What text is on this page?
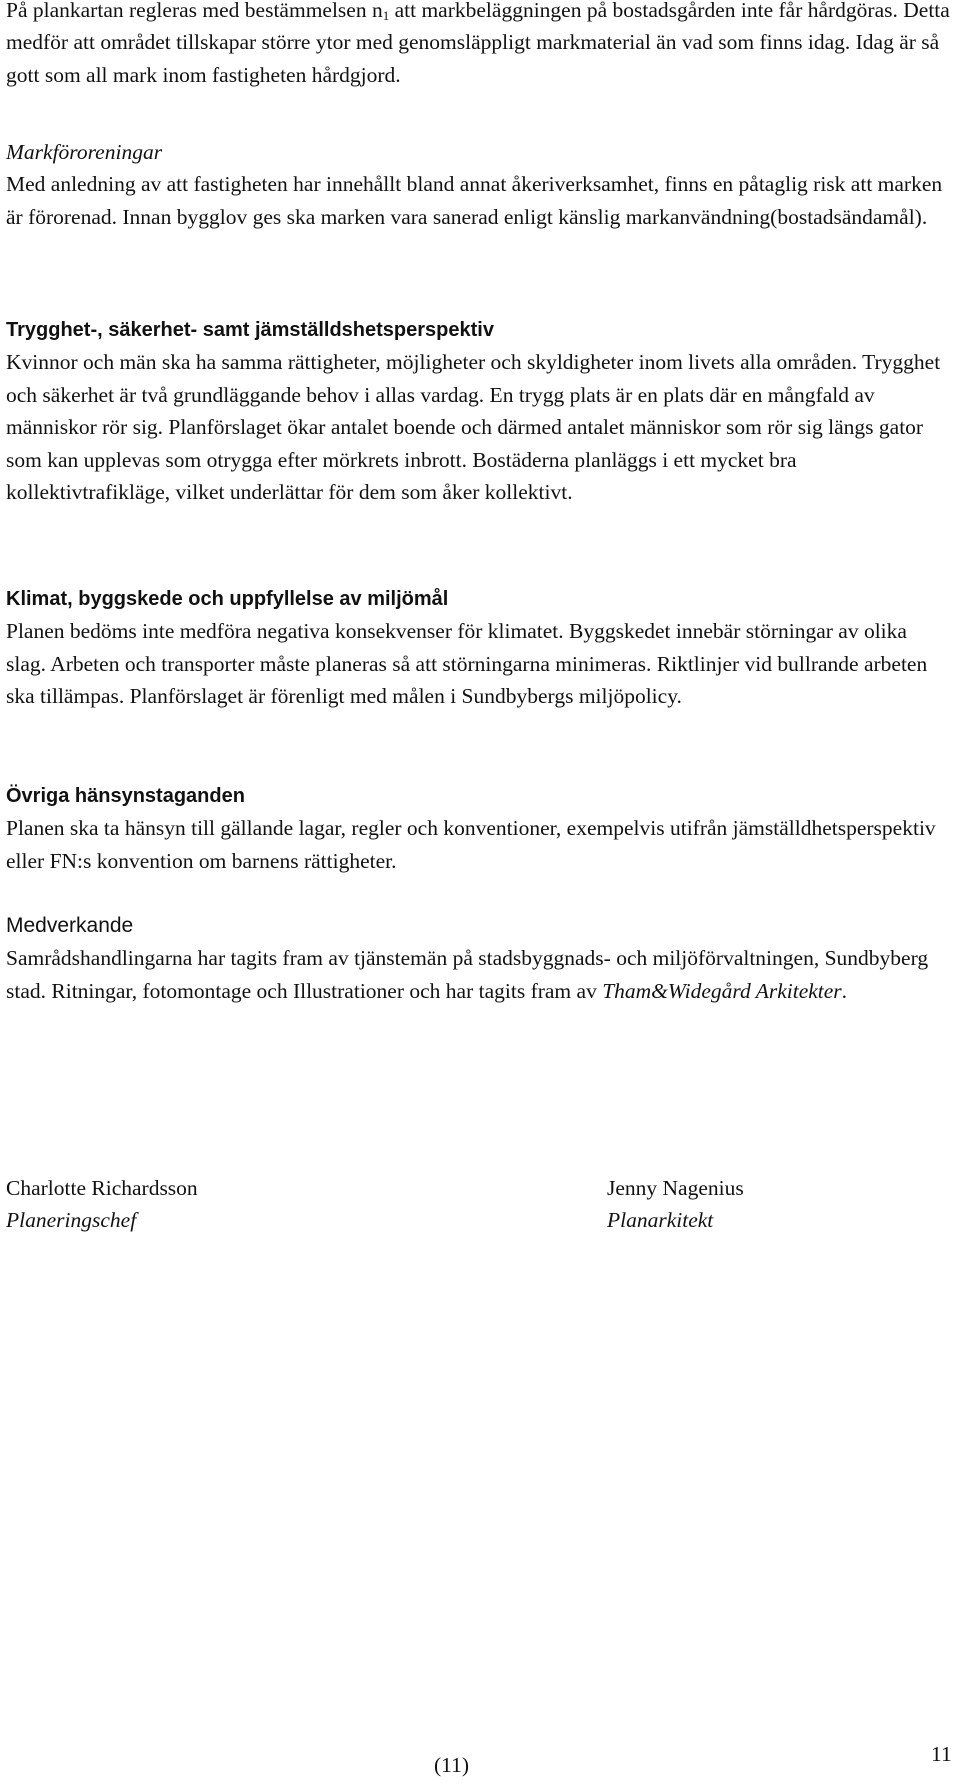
På plankartan regleras med bestämmelsen $n_1$ att markbeläggningen på bostadsgården inte får hårdgöras. Detta medför att området tillskapar större ytor med genomsläppligt markmaterial än vad som finns idag. Idag är så gott som all mark inom fastigheten hårdgjord.

Markföroreningar

Med anledning av att fastigheten har innehållt bland annat åkeriverksamhet, finns en påtaglig risk att marken är förorenad. Innan bygglov ges ska marken vara sanerad enligt känslig markanvändning(bostadsändamål).

Trygghet-, säkerhet- samt jämställdshetsperspektiv

Kvinnor och män ska ha samma rättigheter, möjligheter och skyldigheter inom livets alla områden. Trygghet och säkerhet är två grundläggande behov i allas vardag. En trygg plats är en plats där en mångfald av människor rör sig. Planförslaget ökar antalet boende och därmed antalet människor som rör sig längs gator som kan upplevas som otrygga efter mörkrets inbrott. Bostäderna planläggs i ett mycket bra kollektivtrafikläge, vilket underlättar för dem som åker kollektivt.

Klimat, byggskede och uppfyllelse av miljömål

Planen bedöms inte medföra negativa konsekvenser för klimatet. Byggskedet innebär störningar av olika slag. Arbeten och transporter måste planeras så att störningarna minimeras. Riktlinjer vid bullrande arbeten ska tillämpas. Planförslaget är förenligt med målen i Sundbybergs miljöpolicy.

Övriga hänsynstaganden

Planen ska ta hänsyn till gällande lagar, regler och konventioner, exempelvis utifrån jämställdhetsperspektiv eller FN:s konvention om barnens rättigheter.

Medverkande

Samrådshandlingarna har tagits fram av tjänstemän på stadsbyggnads- och miljöförvaltningen, Sundbyberg stad. Ritningar, fotomontage och Illustrationer och har tagits fram av Tham&Widegård Arkitekter.

Charlotte Richardsson
Planeringschef
Jenny Nagenius
Planarkitekt
(11)	11
